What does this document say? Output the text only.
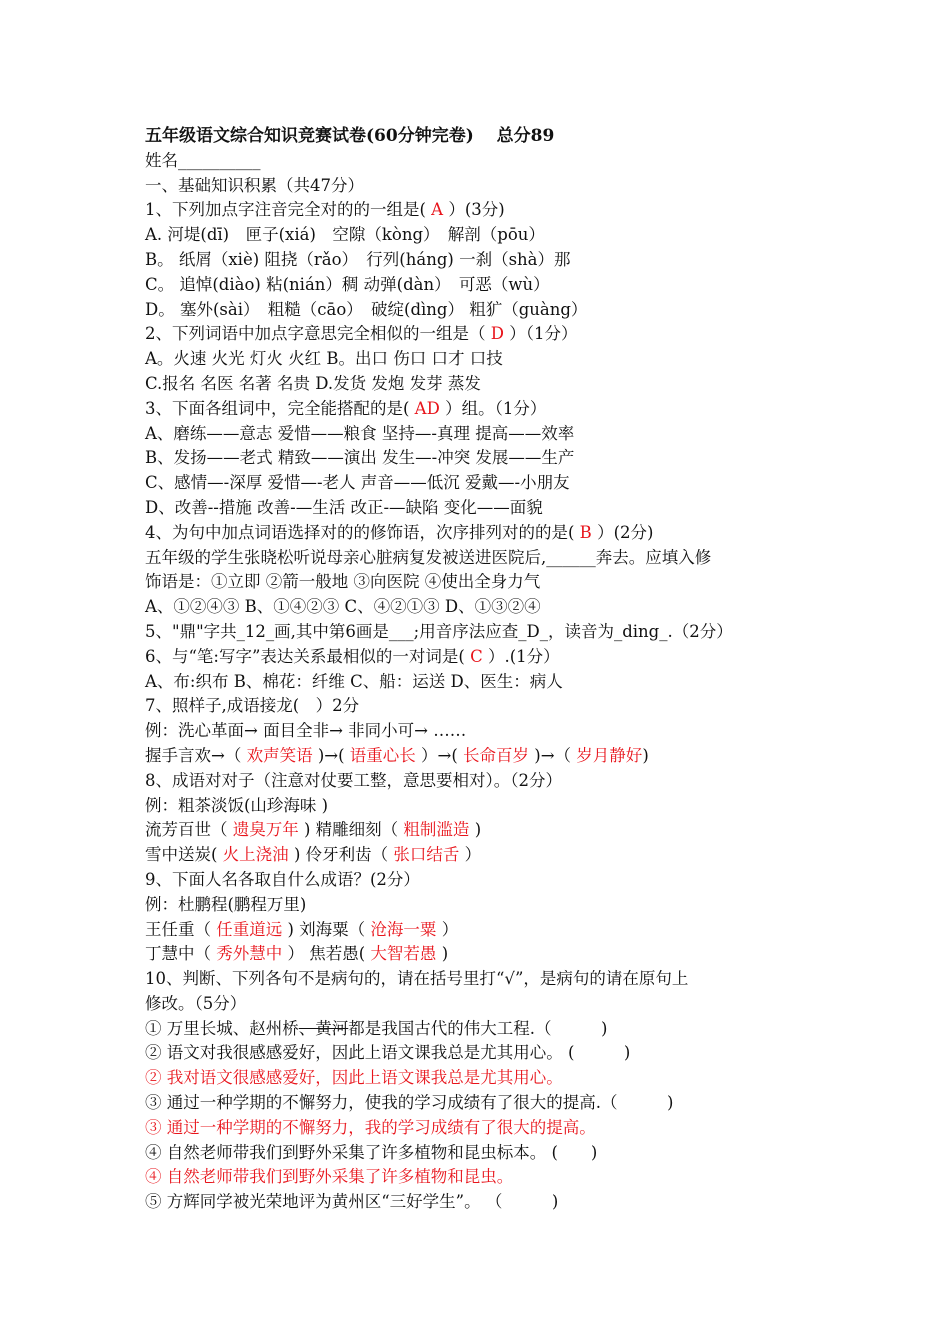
五年级语文综合知识竞赛试卷(60分钟完卷)　 总分89
姓名__________
一、基础知识积累（共47分）
1、下列加点字注音完全对的的一组是( A ）(3分)
A. 河堤(dī)　匣子(xiá)　空隙（kòng）　解剖（pōu）
B。 纸屑（xiè) 阻挠（rǎo）　行列(háng) 一刹（shà）那
C。 追悼(diào) 粘(nián）稠 动弹(dàn）　可恶（wù）
D。 塞外(sài）　粗糙（cāo）　破绽(dìng） 粗犷（guàng）
2、下列词语中加点字意思完全相似的一组是（ D ）（1分）
A。火速 火光 灯火 火红 B。出口 伤口 口才 口技
C.报名 名医 名著 名贵 D.发货 发炮 发芽 蒸发
3、下面各组词中，完全能搭配的是( AD ）组。（1分）
A、磨练——意志 爱惜——粮食 坚持—-真理 提高——效率
B、发扬——老式 精致——演出 发生—-冲突 发展——生产
C、感情—-深厚 爱惜—-老人 声音——低沉 爱戴—-小朋友
D、改善--措施 改善-—生活 改正-—缺陷 变化——面貌
4、为句中加点词语选择对的的修饰语，次序排列对的的是( B ）(2分)
五年级的学生张晓松听说母亲心脏病复发被送进医院后,______奔去。应填入修
饰语是：①立即 ②箭一般地 ③向医院 ④使出全身力气
A、①②④③ B、①④②③ C、④②①③ D、①③②④
5、"鼎"字共_12_画,其中第6画是___;用音序法应查_D_，读音为_ding_.（2分）
6、与“笔:写字”表达关系最相似的一对词是( C ）.(1分）
A、布:织布 B、棉花：纤维 C、船：运送 D、医生：病人
7、照样子,成语接龙(　）2分
例：洗心革面→ 面目全非→ 非同小可→ ……
握手言欢→（ 欢声笑语 )→( 语重心长 ）→( 长命百岁 )→（ 岁月静好)
8、成语对对子（注意对仗要工整，意思要相对）。（2分）
例：粗茶淡饭(山珍海味 )
流芳百世（ 遗臭万年 ) 精雕细刻（ 粗制滥造 )
雪中送炭( 火上浇油 ) 伶牙利齿（ 张口结舌 ）
9、下面人名各取自什么成语？(2分）
例：杜鹏程(鹏程万里)
王任重（ 任重道远 ) 刘海粟（ 沧海一粟 ）
丁慧中（ 秀外慧中 ） 焦若愚( 大智若愚 )
10、判断、下列各句不是病句的，请在括号里打“√”，是病句的请在原句上
修改。（5分）
① 万里长城、赵州桥、黄河都是我国古代的伟大工程.（　　　)
② 语文对我很感感爱好，因此上语文课我总是尤其用心。 (　　　)
② 我对语文很感感爱好，因此上语文课我总是尤其用心。
③ 通过一种学期的不懈努力，使我的学习成绩有了很大的提高.（　　　)
③ 通过一种学期的不懈努力，我的学习成绩有了很大的提高。
④ 自然老师带我们到野外采集了许多植物和昆虫标本。 (　　)
④ 自然老师带我们到野外采集了许多植物和昆虫。
⑤ 方辉同学被光荣地评为黄州区“三好学生”。 （　　　)
